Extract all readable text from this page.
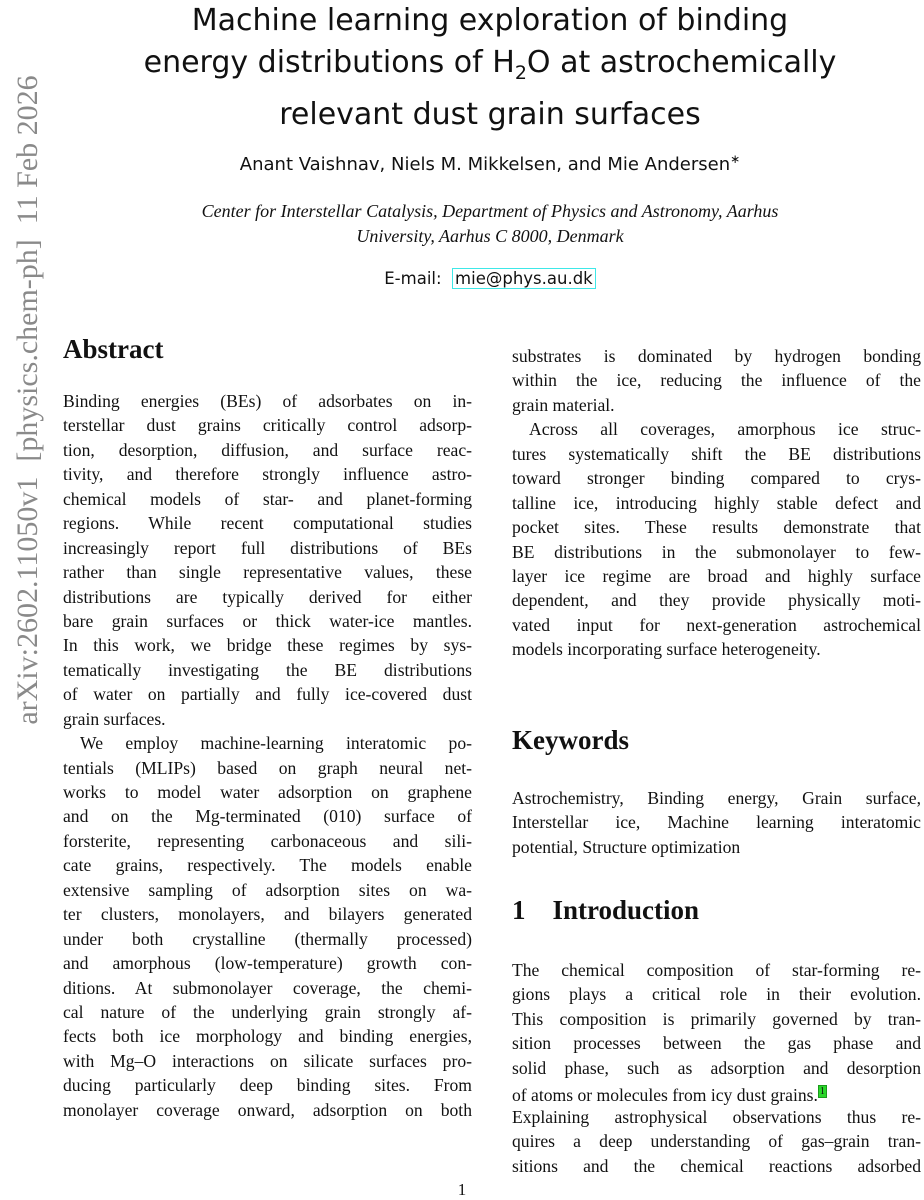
arXiv:2602.11050v1  [physics.chem-ph]  11 Feb 2026
Machine learning exploration of binding
energy distributions of $H_2O$ at astrochemically
relevant dust grain surfaces
Anant Vaishnav, Niels M. Mikkelsen, and Mie Andersen∗
Center for Interstellar Catalysis, Department of Physics and Astronomy, Aarhus
University, Aarhus C 8000, Denmark
E-mail: mie@phys.au.dk
Abstract
Binding energies (BEs) of adsorbates on in-
terstellar dust grains critically control adsorp-
tion, desorption, diffusion, and surface reac-
tivity, and therefore strongly influence astro-
chemical models of star- and planet-forming
regions. While recent computational studies
increasingly report full distributions of BEs
rather than single representative values, these
distributions are typically derived for either
bare grain surfaces or thick water-ice mantles.
In this work, we bridge these regimes by sys-
tematically investigating the BE distributions
of water on partially and fully ice-covered dust
grain surfaces.
We employ machine-learning interatomic po-
tentials (MLIPs) based on graph neural net-
works to model water adsorption on graphene
and on the Mg-terminated (010) surface of
forsterite, representing carbonaceous and sili-
cate grains, respectively. The models enable
extensive sampling of adsorption sites on wa-
ter clusters, monolayers, and bilayers generated
under both crystalline (thermally processed)
and amorphous (low-temperature) growth con-
ditions. At submonolayer coverage, the chemi-
cal nature of the underlying grain strongly af-
fects both ice morphology and binding energies,
with Mg–O interactions on silicate surfaces pro-
ducing particularly deep binding sites. From
monolayer coverage onward, adsorption on both
substrates is dominated by hydrogen bonding
within the ice, reducing the influence of the
grain material.
Across all coverages, amorphous ice struc-
tures systematically shift the BE distributions
toward stronger binding compared to crys-
talline ice, introducing highly stable defect and
pocket sites. These results demonstrate that
BE distributions in the submonolayer to few-
layer ice regime are broad and highly surface
dependent, and they provide physically moti-
vated input for next-generation astrochemical
models incorporating surface heterogeneity.
Keywords
Astrochemistry, Binding energy, Grain surface,
Interstellar ice, Machine learning interatomic
potential, Structure optimization
1    Introduction
The chemical composition of star-forming re-
gions plays a critical role in their evolution.
This composition is primarily governed by tran-
sition processes between the gas phase and
solid phase, such as adsorption and desorption
of atoms or molecules from icy dust grains. $^1$
Explaining astrophysical observations thus re-
quires a deep understanding of gas–grain tran-
sitions and the chemical reactions adsorbed
1
